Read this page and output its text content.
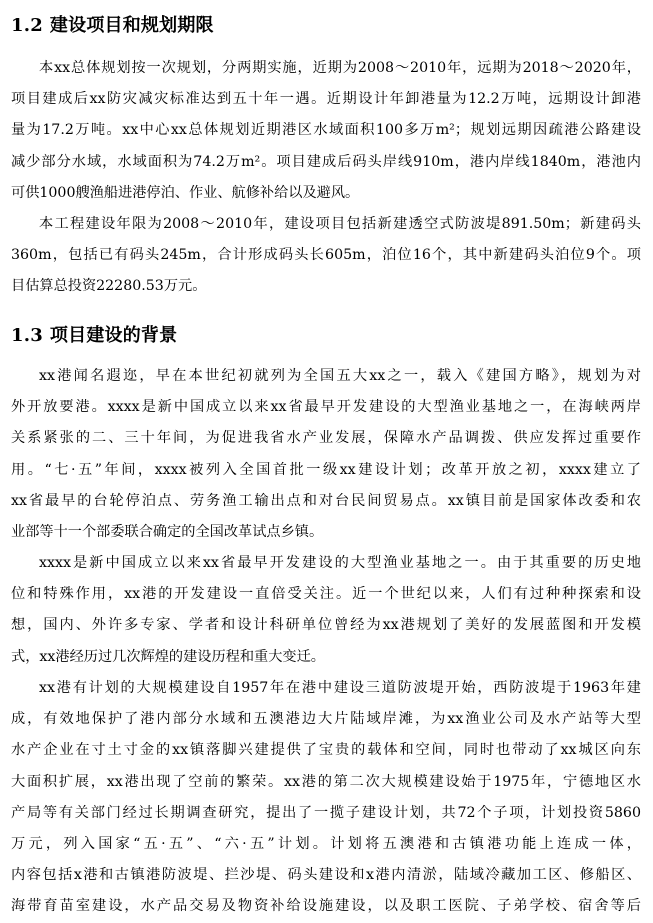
1.2 建设项目和规划期限
本xx总体规划按一次规划，分两期实施，近期为2008～2010年，远期为2018～2020年，
项目建成后xx防灾减灾标准达到五十年一遇。近期设计年卸港量为12.2万吨，远期设计卸港
量为17.2万吨。xx中心xx总体规划近期港区水域面积100多万m²；规划远期因疏港公路建设
减少部分水域，水域面积为74.2万m²。项目建成后码头岸线910m，港内岸线1840m，港池内
可供1000艘渔船进港停泊、作业、航修补给以及避风。
本工程建设年限为2008～2010年，建设项目包括新建透空式防波堤891.50m；新建码头
360m，包括已有码头245m，合计形成码头长605m，泊位16个，其中新建码头泊位9个。项
目估算总投资22280.53万元。
1.3 项目建设的背景
xx港闻名遐迩，早在本世纪初就列为全国五大xx之一，载入《建国方略》，规划为对
外开放要港。xxxx是新中国成立以来xx省最早开发建设的大型渔业基地之一，在海峡两岸
关系紧张的二、三十年间，为促进我省水产业发展，保障水产品调拨、供应发挥过重要作
用。“七·五”年间，xxxx被列入全国首批一级xx建设计划；改革开放之初，xxxx建立了
xx省最早的台轮停泊点、劳务渔工输出点和对台民间贸易点。xx镇目前是国家体改委和农
业部等十一个部委联合确定的全国改革试点乡镇。
xxxx是新中国成立以来xx省最早开发建设的大型渔业基地之一。由于其重要的历史地
位和特殊作用，xx港的开发建设一直倍受关注。近一个世纪以来，人们有过种种探索和设
想，国内、外许多专家、学者和设计科研单位曾经为xx港规划了美好的发展蓝图和开发模
式，xx港经历过几次辉煌的建设历程和重大变迁。
xx港有计划的大规模建设自1957年在港中建设三道防波堤开始，西防波堤于1963年建
成，有效地保护了港内部分水域和五澳港边大片陆域岸滩，为xx渔业公司及水产站等大型
水产企业在寸土寸金的xx镇落脚兴建提供了宝贵的载体和空间，同时也带动了xx城区向东
大面积扩展，xx港出现了空前的繁荣。xx港的第二次大规模建设始于1975年，宁德地区水
产局等有关部门经过长期调查研究，提出了一揽子建设计划，共72个子项，计划投资5860
万元，列入国家“五·五”、“六·五”计划。计划将五澳港和古镇港功能上连成一体，
内容包括x港和古镇港防波堤、拦沙堤、码头建设和x港内清淤，陆域冷藏加工区、修船区、
海带育苗室建设，水产品交易及物资补给设施建设，以及职工医院、子弟学校、宿舍等后
